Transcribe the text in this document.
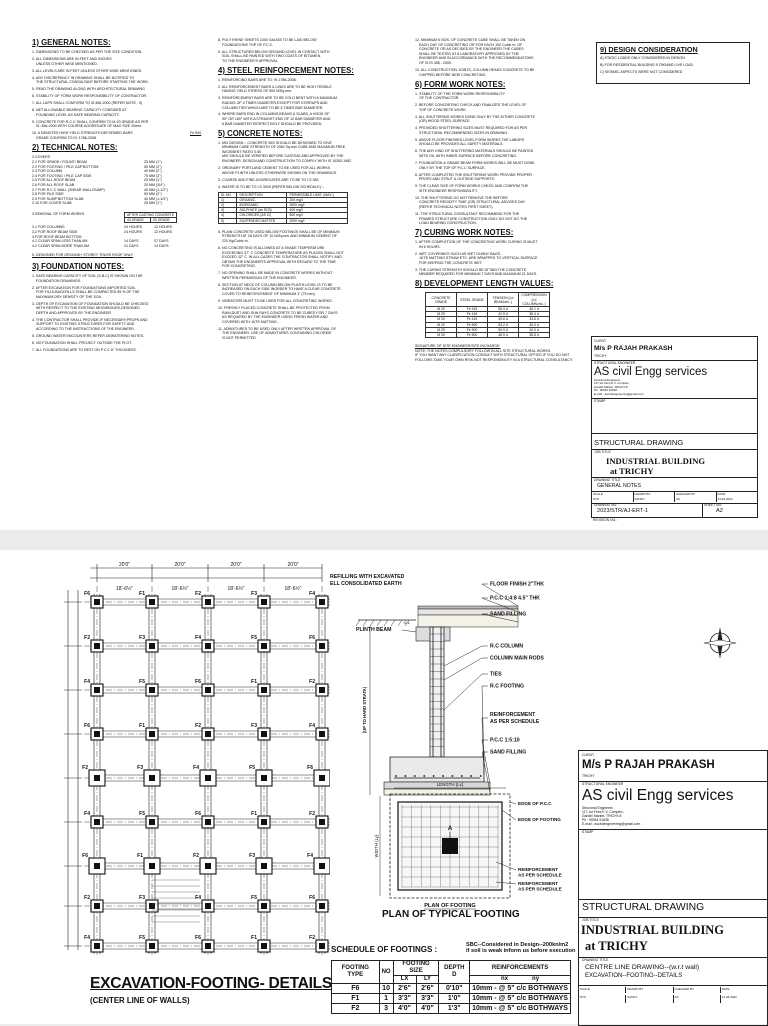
1) GENERAL NOTES:
1. DIMENSIONS TO BE CHECKED AS PER THE SITE CONDITION.
2. ALL DIMENSIONS ARE IN FEET AND INCHES
UNLESS OTHER WISE MENTIONED.
3. ALL LEVELS ARE IN FEET UNLESS OTHER WISE MENTIONED.
4. ANY DISCREPANCY IN DRAWING SHALL BE NOTIFIED TO
THE STRUCTURAL CONSULTANT BEFORE STARTING THE WORK.
5. READ THE DRAWING ALONG WITH ARCHITECTURAL DRAWING
6. STABILITY OF FORM WORK RESPONSIBILITY OF CONTRACTOR.
7. ALL LAPS SHALL CONFORM TO IS:456-2000 (REFER NOTE - 9)
8. NET ALLOWABLE BEARING CAPACITY CONSIDER AT
FOUNDING LEVEL AS SAFE BEARING CAPACITY.
9. CONCRETE FOR R.C.C SHALL CONFIRM TO M-20 GRADE AS PER
IS :456-2000 WITH COURSE AGGREGATE OF MAX SIZE 20mm.
10. # DENOTES HIGH YIELD STRENGTH DEFORMED BARS	Fe 500
GRADE CONFIRM TO IS: 1786-2008.
2) TECHNICAL NOTES:
2.COVERS
2.1 FOR GRADE / FOUNT/ BEAM	25 MM (1")
2.2 FOR FOOTING / PILE CAP BOTTOM	50 MM (2")
2.3 FOR COLUMN	40 MM (2")
2.4 FOR FOOTING / PILE CAP SIDE	75 MM (3")
2.5 FOR ALL ROOF BEAM	25 MM (1")
2.6 FOR ALL ROOF SLAB	20 MM (3/4")
2.7 FOR R.C.C WALL (SHEAR WALL/SUMP)	40 MM (1-1/2")
2.8 FOR PILE SIDE	50 MM (2")
2.9 FOR SUMP BOTTOM SLAB	40 MM (1-1/2")
2.10 FOR COVER SLAB	25 MM (1")
3.REMOVAL OF FORM WORKS	AFTER CASTING CONCRETE
43 GRADE	53 GRADE
3.1 FOR COLUMNS	24 HOURS	12 HOURS
3.2 FOR ROOF BEAM SIDE	24 HOURS	12 HOURS
4.FOR ROOF BEAM BOTTOM
4.1 CLEAR SPAN LESS THAN 6M	14 DAYS	07 DAYS
4.2 CLEAR SPAN MORE THAN 6M	21 DAYS	14 DAYS
5. DESIGNED FOR GROUND+ STOREY TRUSS ROOF ONLY
3) FOUNDATION NOTES:
1. SAFE BEARING CAPACITY OF SOIL (S.B.C) IS SHOWN ON THE
FOUNDATION DRAWINGS.
2. AFTER EXCAVATION FOR FOUNDATIONS IMPORTED SOIL
FOR FILLS,BACKFILLS SHALL BE COMPACTED 95 % OF THE
MAXIMUM DRY DENSITY OF THE SOIL.
3. DEPTH OF EXCAVATION OF FOUNDATION SHOULD BE CHECKED
WITH RESPECT TO THE EXISTING NEIGHBOURS,DESIGNED
DEPTH AND APPROVED BY THE ENGINEER.
4. THE CONTRACTOR SHALL PROVIDE,IF NECESSARY,PROPS AND
SUPPORT TO EXISTING STRUCTURES FOR SAFETY AND
ACCORDING TO THE INSTRUCTIONS OF THE ENGINEER.
5. GROUND WATER ENCOUNTERS REFER DEWATERING NOTES.
6. NO FOUNDATION SHALL PROJECT OUTSIDE THE PLOT.
7. ALL FOUNDATIONS ARE TO REST ON P.C.C 6" THICKNESS.
8. POLYTHENE SHEETS 1000 GAUGE TO BE LAID BELOW
FOUNDATIONS TOP OF P.C.C.
9. ALL STRUCTURES BELOW GROUND LEVEL IN CONTACT WITH
SOIL SHALL BE PAINTED WITH TWO COATS OF BITUMEN.
TO THE ENGINEER'S APPROVAL
4) STEEL REINFORCEMENT NOTES:
1. REINFORCING BARS ARE TO: IS 1786-2008.
2. ALL REINFORCEMENT BARS & LINKS ARE TO BE HIGH TENSILE
HAVING YIELD STRESS OF 500 N/Sq.mm.
3. REINFORCEMENT BARS ARE TO BE COLD BENT WITH A MAXIMUM
RADIUS OF 4 TIMES DIAMETER,EXCEPT FOR STIRRUPS AND
COLUMN TIES WHICH ARE TO BE 4 TIMES BAR DIAMETER.
4. WHERE BARS END IN COLUMNS,BEAMS & SLABS, A HOOK OF
90° OR 180° WITH A STRAIGHT END OF 12 BAR DIAMETER AND
6 BAR DIAMETER RESPECTIVELY SHOULD BE PROVIDED.
5) CONCRETE NOTES:
1. MIX DESIGN :- CONCRETE MIX SHOULD BE DESIGNED TO GIVE
MINIMUM CUBE STRENGTH OF 20N/ Sq.mm CUBE AND MAXIMUM FREE
W/CEMENT RATIO 0.50
MIX SHOULD BE VERIFIED BEFORE CASTING AND APPROVED BY THE
ENGINEER. DESIGN AND CONSTRUCTION TO COMPLY WITH IS 10262:1982
2. ORDINARY PORTLAND CEMENT TO BE USED FOR ALL WORKS
ABOVE PLINTH UNLESS OTHERWISE SHOWN ON THE DRAWINGS.
3. COARSE AND FINE AGGREGATES ARE TO BE TO I.S 383
4. WATER IS TO BE TO I.S 3025 (REFER BELOW SCHEDULE) :-
SL NO	DESCRIPTION	PERMISSIBLE LIMIT, (MAX.)
1)	ORGANIC	200 mg/l
2)	INORGANIC	3000 mg/l
3)	SULPHATE (as SO3)	400 mg/l
4)	CHLORIDES (AS Cl)	500 mg/l
5)	SUSPENDED MATTER	2000 mg/l
5. PLAIN CONCRETE USED BELOW FOOTINGS SHALL BE OF MINIMUM
STRENGTH AT 28 DAYS OF 10 N/Sq.mm AND MINIMUM CEMENT OF
220 Kg/Cubic m.
6. NO CONCRETING IS ALLOWED AT A SHADE TEMPERATURE
EXCEEDING 37° C CONCRETE TEMPERATURE AS PLACED SHALL NOT
EXCEED 32° C. IN ALL CASES THE CONTRACTOR SHALL NOTIFY AND
OBTAIN THE ENGINEER'S APPROVAL WITH REGARD TO THE TIME
FOR CONCRETING.
7. NO OPENING SHALL BE MADE IN CONCRETE WORKS WITHOUT
WRITTEN PERMISSION OF THE ENGINEER.
8. SECTION AT NECK OF COLUMN BELOW PLINTH LEVEL IS TO BE
INCREASED ON EACH SIDE INORDER TO HAVE A CLEAR CONCRETE
COVER TO REINFORCEMENT OF MINIMUM 3" (75 mm).
9. VIBRATORS MUST TO BE USED FOR ALL CONCRETING WORKS.
10. FRESHLY PLACED CONCRETE SHALL BE PROTECTED FROM
RAIN,DUST AND SUN RAYS.CONCRETE TO BE CURED FOR 7 DAYS
AS REQUIRED BY THE ENGINEER USING FRESH WATER AND
COVERED WITH JUTE MATTING.
11. ADMIXTURES TO BE USED ONLY AFTER WRITTEN APPROVAL OF
THE ENGINEER. USE OF ADMIXTURES CONTAINING CHLORIDE
IS NOT PERMITTED.
12. MINIMUM 6 NOS. OF CONCRETE CUBE SHALL BE TAKEN ON
EACH DAY OF CONCRETING OR FOR EACH 100 Cubic m. OF
CONCRETE OR AS DECIDED BY THE ENGINEER.THE CUBES
SHALL BE TESTED AT A LABORATORY APPROVED BY THE
ENGINEER AND IN ACCORDANCE WITH THE RECOMMENDATIONS
OF IS IS 456 - 2000.
13. ALL CONSTRUCTION JOINTS, COLUMN HEADS CONCRETE TO BE
CHIPPED BEFORE NEW CONCRETING.
6) FORM WORK NOTES:
1. STABILITY OF THE FORM WORK RESPONSIBILITY
OF THE CONTRACTOR.
2. BEFORE CONCRETING CHECK AND FINALIZED THE LEVEL OF
TOP OF CONCRETE WORK.
3. ALL SHUTTERING WORKS DONE ONLY BY THE EITHER CONCRETE
(OR) WOOD STEEL SURFACE.
4. PROVIDED SHUTTERING SIZES MUST REQUIRED FOR AS PER
STRUCTURAL RECOMMENDED SIZES IN DRAWING.
5. ABOVE FLOOR FINISHED LEVEL FORM WORKS THE LABORS
SHOULD BE PROVIDES ALL SAFETY MATERIALS.
6. THE ANY KIND OF SHUTTERING MATERIALS SHOULD BE PAINTED
WITH OIL WITH INNER SURFACE BEFORE CONCRETING.
7. FOUNDATION & GRADE BEAM FORM WORKS WILL BE MUST DONE
ONLY BY THE TOP OF P.C.C SURFACE.
8. AFTER COMPLETED THE SHUTTERING WORK PROVIDE PROPER
PROPS AND STRUT & OUTSIDE SUPPORTS.
9. THE CLEAR SIZE OF FORM WORKS CHECK AND CONFIRM THE
SITE ENGINEER RESPONSIBILITY.
10. THE SHUTTERING DO NOT REMOVE THE BEFORE
CONCRETE REGIDITY TIME (OR) STRUCTURAL ADVICES DAY
(REFER TECHNICAL NOTES FIRST SHEET).
11. THE STRUCTURAL CONSULTANT RECOMMEND FOR THE
FRAMED STRUCTURE CONSTRUCTION ONLY DO NOT DO THE
LOAD BEARING CONSTRUCTION.
7) CURING WORK NOTES:
1. AFTER COMPLETION OF THE CONCRETING WORK CURING IS MUST
IN 6 HOURS.
2. WET COVERINGS SUCH AS WET GUNNY BAGS,
JUTE MATTING,STRAW ETC. ARE WRAPPED TO VERTICAL SURFACE
FOR KEEPING THE CONCRETE WET.
3. THE CURING STRENGTH SHOULD BE ATTAIN THE CONCRETE
MEMBER REQUIRED FOR MINIMUM 7 DAYS AND MAXIMUM 21 DAYS.
8) DEVELOPMENT LENGTH VALUES:
CONCRETE GRADE	STEEL GRADE	TENSION (Ld BEAM,etc.,)	COMPRESSION (Ld COLUMN,etc.,)
M 20	Fe 415	56.4 d	46.1 d
M 25	Fe 415	42.5 d	38.4 d
M 30	Fe 415	40.6 d	34.6 d
M 20	Fe 500	53.2 d	46.0 d
M 25	Fe 500	50.0 d	40.0 d
M 30	Fe 500	48.5 d	38.8 d
SIGNATURE OF SITE ENGINEER/SITE INCHARGE:
NOTE: THE NOTES COMPULSORY FOLLOW IN ALL SITE STRUCTURAL WORKS.
IF YOU WANT ANY CLARIFICATION CONSULT WITH STRUCTURAL OFFICE.IF YOU DO NOT
FOLLOWS TAKE YOUR OWN RISK,NOT RESPONSIBILITY IN A STRUCTURAL CONSULTANCY.
9) DESIGN CONSIDERATION
A) STATIC LOADS ONLY CONSIDERED IN DESIGN
B) FOR RESIDENTIAL BUILDING 5.75KN/M2 LIVE LOAD
C) SEISMIC ASPECTS WERE NOT CONSIDERED
CLIENT
M/s P RAJAH PRAKASH
TRICHY
STRUCTURAL ENGINEER
AS civil Engg services
Structural Engineers
117,1st Floor,K.V. Complex,
Gandhi Market, TRICHY-8
Ph : 90944 91638
E-mail : ascivilengineering@gmail.com
STAMP
STRUCTURAL DRAWING
JOB TITLE
INDUSTRIAL BUILDING
at TRICHY
DRAWING TITLE
GENERAL NOTES
SCALE	DRAWN BY	CHECKED BY	DATE
NTS	SANDY	AS	14.06.2022
DRAWING NO.	SHEET NO.
2023/STR/AJ-ERT-1	A2
REVISION NO.:
20'0"	20'0"	20'0"	20'0"
18'-6½"	18'-6½"	18'-6½"	18'-6½"
F6	F1	F2	F3	F4
F2	F3	F4	F5	F6
F4	F5	F6	F1	F2
F6	F1	F2	F3	F4
F2	F3	F4	F5	F6
F4	F5	F6	F1	F2
F6	F1	F2	F3	F4
F2	F3	F4	F5	F6
F4	F5	F6	F1	F2
EXCAVATION-FOOTING- DETAILS
(CENTER LINE OF WALLS)
REFILLING WITH EXCAVATED
ELL CONSOLIDATED EARTH
G.L
(UP TO HARD STRATA)
FLOOR FINISH 2"THK
P.C.C 1:4:8 4.5" THK
SAND FILLING
PLINTH BEAM
R.C COLUMN
COLUMN MAIN RODS
TIES
R.C FOOTING
REINFORCEMENT
AS PER SCHEDULE
P.C.C 1:5:10
SAND FILLING
LENGTH (Lx)
WIDTH (Ly)
A
EDGE OF P.C.C
EDGE OF FOOTING
REINFORCEMENT
AS PER SCHEDULE
REINFORCEMENT
AS PER SCHEDULE
PLAN OF FOOTING
PLAN OF TYPICAL FOOTING
SCHEDULE OF FOOTINGS :	SBC--Considered in Design--200kn/m2
if soil is weak inform us before execution
FOOTING TYPE	NO	FOOTING SIZE		DEPTH D	REINFORCEMENTS
		LX	LY		nx ny
F6	10	2'6"	2'6"	0'10"	10mm - @ 5" c/c BOTHWAYS
F1	1	3'3"	3'3"	1'0"	10mm - @ 5" c/c BOTHWAYS
F2	3	4'0"	4'0"	1'3"	10mm - @ 5" c/c BOTHWAYS
CLIENT
M/s P RAJAH PRAKASH
TRICHY
STRUCTURAL ENGINEER
AS civil Engg services
Structural Engineers
117,1st Floor,K.V. Complex,
Gandhi Market, TRICHY-8
Ph : 90944 91638
E-mail : ascivilengineering@gmail.com
STAMP
STRUCTURAL DRAWING
JOB TITLE
INDUSTRIAL BUILDING
at TRICHY
DRAWING TITLE
CENTRE LINE DRAWING--(w.r.t wall)
EXCAVATION--FOOTING--DETAILS
SCALE	DRAWN BY	CHECKED BY	DATE
NTS	SANDY	AS	14.06.2022
